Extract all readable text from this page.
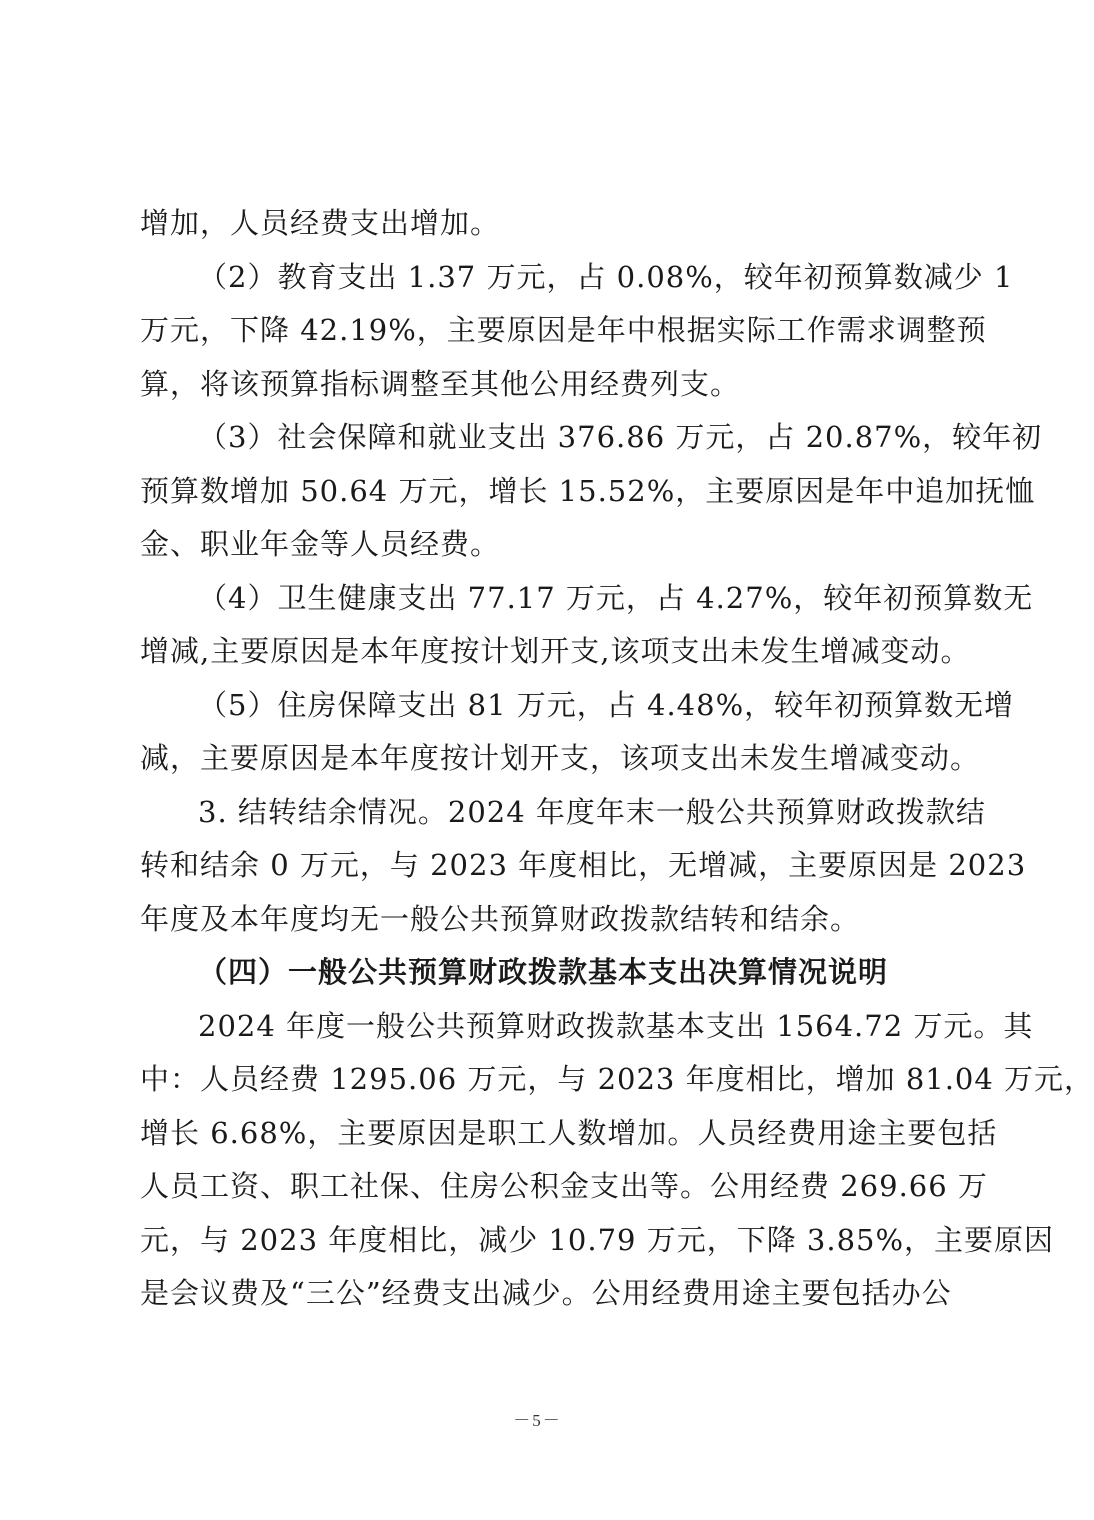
增加，人员经费支出增加。
（2）教育支出 1.37 万元，占 0.08%，较年初预算数减少 1
万元，下降 42.19%，主要原因是年中根据实际工作需求调整预
算，将该预算指标调整至其他公用经费列支。
（3）社会保障和就业支出 376.86 万元，占 20.87%，较年初
预算数增加 50.64 万元，增长 15.52%，主要原因是年中追加抚恤
金、职业年金等人员经费。
（4）卫生健康支出 77.17 万元，占 4.27%，较年初预算数无
增减,主要原因是本年度按计划开支,该项支出未发生增减变动。
（5）住房保障支出 81 万元，占 4.48%，较年初预算数无增
减，主要原因是本年度按计划开支，该项支出未发生增减变动。
3. 结转结余情况。2024 年度年末一般公共预算财政拨款结
转和结余 0 万元，与 2023 年度相比，无增减，主要原因是 2023
年度及本年度均无一般公共预算财政拨款结转和结余。
（四）一般公共预算财政拨款基本支出决算情况说明
2024 年度一般公共预算财政拨款基本支出 1564.72 万元。其
中：人员经费 1295.06 万元，与 2023 年度相比，增加 81.04 万元，
增长 6.68%，主要原因是职工人数增加。人员经费用途主要包括
人员工资、职工社保、住房公积金支出等。公用经费 269.66 万
元，与 2023 年度相比，减少 10.79 万元，下降 3.85%，主要原因
是会议费及“三公”经费支出减少。公用经费用途主要包括办公
－5－
